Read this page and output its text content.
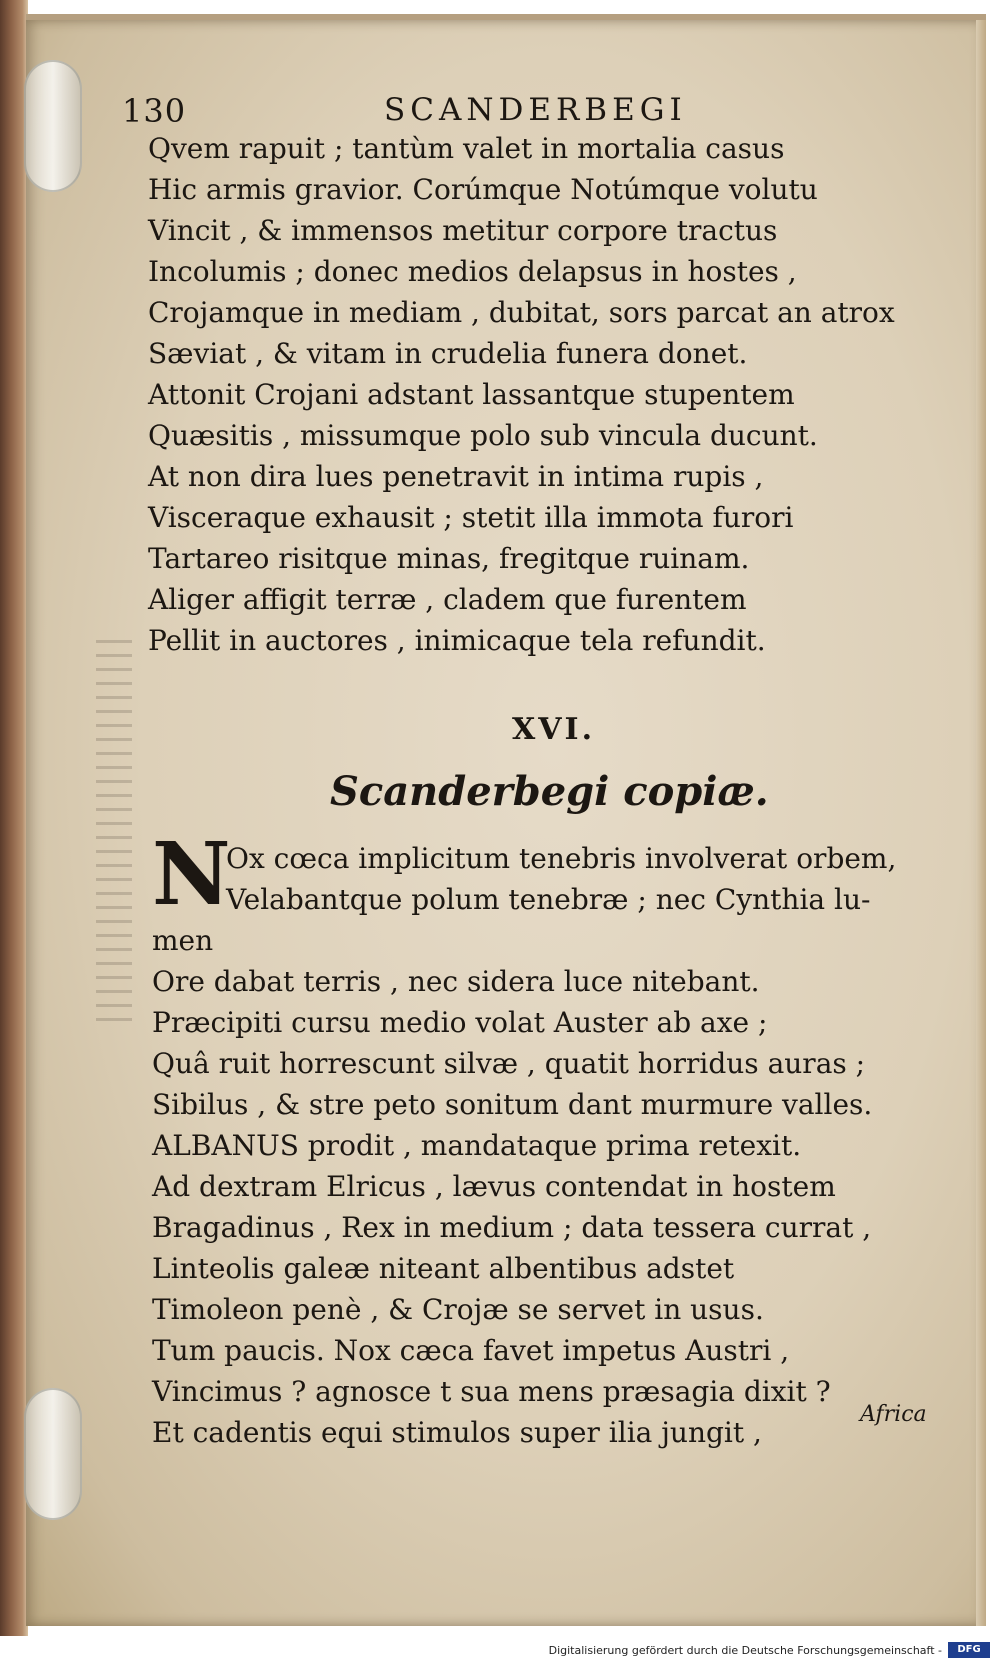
130	SCANDERBEGI
Qvem rapuit ; tantùm valet in mortalia casus
Hic armis gravior. Corúmque Notúmque volutu
Vincit , & immensos metitur corpore tractus
Incolumis ; donec medios delapsus in hostes ,
Crojamque in mediam , dubitat, sors parcat an atrox
Sæviat , & vitam in crudelia funera donet.
Attonit Crojani adstant lassantque stupentem
Quæsitis , missumque polo sub vincula ducunt.
At non dira lues penetravit in intima rupis ,
Visceraque exhausit ; stetit illa immota furori
Tartareo risitque minas, fregitque ruinam.
Aliger affigit terræ , cladem que furentem
Pellit in auctores , inimicaque tela refundit.
XVI.
Scanderbegi copiæ.
N
Ox cœca implicitum tenebris involverat orbem,
Velabantque polum tenebræ ; nec Cynthia lu-
men
Ore dabat terris , nec sidera luce nitebant.
Præcipiti cursu medio volat Auster ab axe ;
Quâ ruit horrescunt silvæ , quatit horridus auras ;
Sibilus , & stre peto sonitum dant murmure valles.
ALBANUS prodit , mandataque prima retexit.
Ad dextram Elricus , lævus contendat in hostem
Bragadinus , Rex in medium ; data tessera currat ,
Linteolis galeæ niteant albentibus adstet
Timoleon penè , & Crojæ se servet in usus.
Tum paucis. Nox cæca favet impetus Austri ,
Vincimus ? agnosce t sua mens præsagia dixit ?
Et cadentis equi stimulos super ilia jungit ,
Africa
Digitalisierung gefördert durch die Deutsche Forschungsgemeinschaft -	DFG
